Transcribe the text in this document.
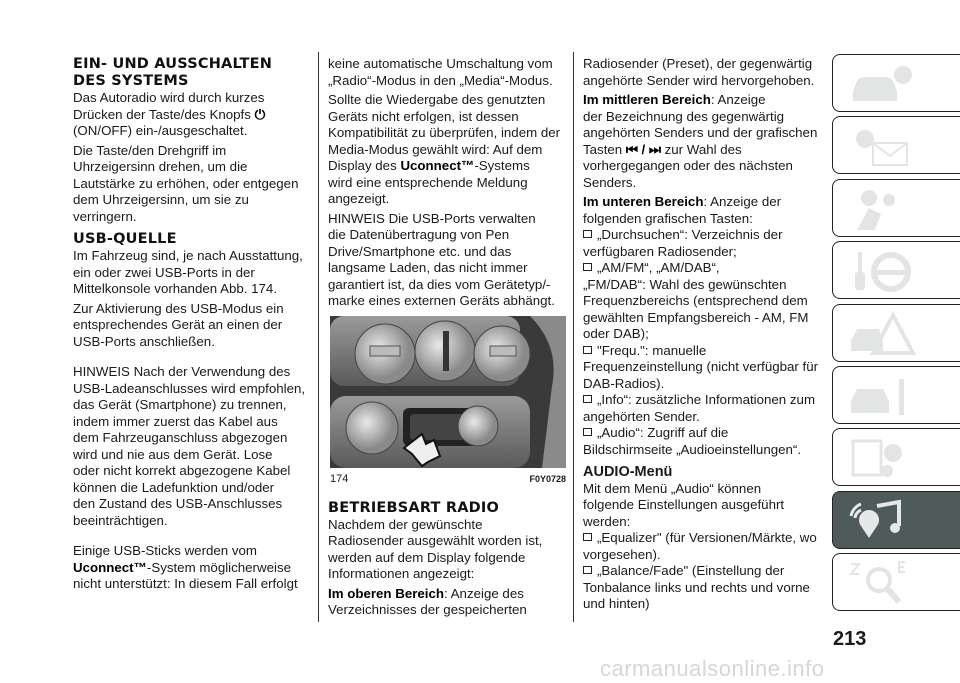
EIN- UND AUSSCHALTEN
DES SYSTEMS
Das Autoradio wird durch kurzes
Drücken der Taste/des Knopfs ⏻
(ON/OFF) ein-/ausgeschaltet.
Die Taste/den Drehgriff im
Uhrzeigersinn drehen, um die
Lautstärke zu erhöhen, oder entgegen
dem Uhrzeigersinn, um sie zu
verringern.
USB-QUELLE
Im Fahrzeug sind, je nach Ausstattung,
ein oder zwei USB-Ports in der
Mittelkonsole vorhanden Abb. 174.
Zur Aktivierung des USB-Modus ein
entsprechendes Gerät an einen der
USB-Ports anschließen.
HINWEIS Nach der Verwendung des
USB-Ladeanschlusses wird empfohlen,
das Gerät (Smartphone) zu trennen,
indem immer zuerst das Kabel aus
dem Fahrzeuganschluss abgezogen
wird und nie aus dem Gerät. Lose
oder nicht korrekt abgezogene Kabel
können die Ladefunktion und/oder
den Zustand des USB-Anschlusses
beeinträchtigen.
Einige USB-Sticks werden vom
Uconnect™-System möglicherweise
nicht unterstützt: In diesem Fall erfolgt
keine automatische Umschaltung vom
„Radio“-Modus in den „Media“-Modus.
Sollte die Wiedergabe des genutzten
Geräts nicht erfolgen, ist dessen
Kompatibilität zu überprüfen, indem der
Media-Modus gewählt wird: Auf dem
Display des Uconnect™-Systems
wird eine entsprechende Meldung
angezeigt.
HINWEIS Die USB-Ports verwalten
die Datenübertragung von Pen
Drive/Smartphone etc. und das
langsame Laden, das nicht immer
garantiert ist, da dies vom Gerätetyp/-
marke eines externen Geräts abhängt.
174	F0Y0728
BETRIEBSART RADIO
Nachdem der gewünschte
Radiosender ausgewählt worden ist,
werden auf dem Display folgende
Informationen angezeigt:
Im oberen Bereich: Anzeige des
Verzeichnisses der gespeicherten
Radiosender (Preset), der gegenwärtig
angehörte Sender wird hervorgehoben.
Im mittleren Bereich: Anzeige
der Bezeichnung des gegenwärtig
angehörten Senders und der grafischen
Tasten ⏮ / ⏭ zur Wahl des
vorhergegangen oder des nächsten
Senders.
Im unteren Bereich: Anzeige der
folgenden grafischen Tasten:
„Durchsuchen“: Verzeichnis der
verfügbaren Radiosender;
„AM/FM“, „AM/DAB“,
„FM/DAB“: Wahl des gewünschten
Frequenzbereichs (entsprechend dem
gewählten Empfangsbereich - AM, FM
oder DAB);
"Frequ.": manuelle
Frequenzeinstellung (nicht verfügbar für
DAB-Radios).
„Info“: zusätzliche Informationen zum
angehörten Sender.
„Audio“: Zugriff auf die
Bildschirmseite „Audioeinstellungen“.
AUDIO-Menü
Mit dem Menü „Audio“ können
folgende Einstellungen ausgeführt
werden:
„Equalizer" (für Versionen/Märkte, wo
vorgesehen).
„Balance/Fade" (Einstellung der
Tonbalance links und rechts und vorne
und hinten)
213
carmanualsonline.info
